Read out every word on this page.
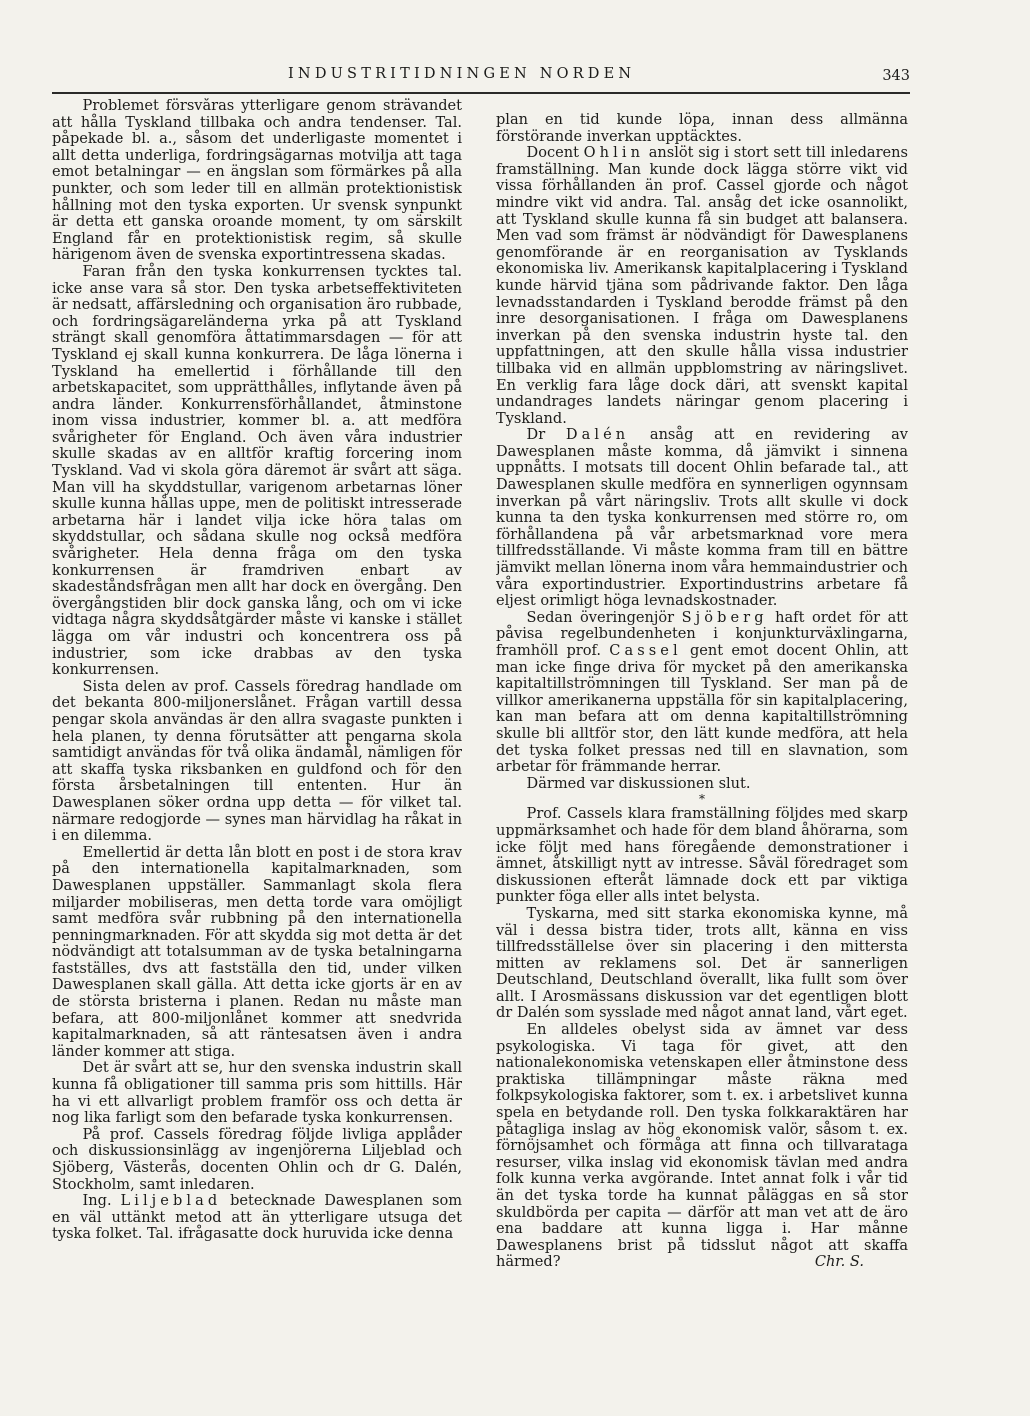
INDUSTRITIDNINGEN NORDEN	343

Problemet försvåras ytterligare genom strävandet att hålla Tyskland tillbaka och andra tendenser. Tal. påpekade bl. a., såsom det underligaste momentet i allt detta underliga, fordringsägarnas motvilja att taga emot betalningar — en ängslan som förmärkes på alla punkter, och som leder till en allmän protektionistisk hållning mot den tyska exporten. Ur svensk synpunkt är detta ett ganska oroande moment, ty om särskilt England får en protektionistisk regim, så skulle härigenom även de svenska exportintressena skadas.

Faran från den tyska konkurrensen tycktes tal. icke anse vara så stor. Den tyska arbetseffektiviteten är nedsatt, affärsledning och organisation äro rubbade, och fordringsägareländerna yrka på att Tyskland strängt skall genomföra åttatimmarsdagen — för att Tyskland ej skall kunna konkurrera. De låga lönerna i Tyskland ha emellertid i förhållande till den arbetskapacitet, som upprätthålles, inflytande även på andra länder. Konkurrensförhållandet, åtminstone inom vissa industrier, kommer bl. a. att medföra svårigheter för England. Och även våra industrier skulle skadas av en alltför kraftig forcering inom Tyskland. Vad vi skola göra däremot är svårt att säga. Man vill ha skyddstullar, varigenom arbetarnas löner skulle kunna hållas uppe, men de politiskt intresserade arbetarna här i landet vilja icke höra talas om skyddstullar, och sådana skulle nog också medföra svårigheter. Hela denna fråga om den tyska konkurrensen är framdriven enbart av skadeståndsfrågan men allt har dock en övergång. Den övergångstiden blir dock ganska lång, och om vi icke vidtaga några skyddsåtgärder måste vi kanske i stället lägga om vår industri och koncentrera oss på industrier, som icke drabbas av den tyska konkurrensen.

Sista delen av prof. Cassels föredrag handlade om det bekanta 800-miljonerslånet. Frågan vartill dessa pengar skola användas är den allra svagaste punkten i hela planen, ty denna förutsätter att pengarna skola samtidigt användas för två olika ändamål, nämligen för att skaffa tyska riksbanken en guldfond och för den första årsbetalningen till ententen. Hur än Dawesplanen söker ordna upp detta — för vilket tal. närmare redogjorde — synes man härvidlag ha råkat in i en dilemma.

Emellertid är detta lån blott en post i de stora krav på den internationella kapitalmarknaden, som Dawesplanen uppställer. Sammanlagt skola flera miljarder mobiliseras, men detta torde vara omöjligt samt medföra svår rubbning på den internationella penningmarknaden. För att skydda sig mot detta är det nödvändigt att totalsumman av de tyska betalningarna fastställes, dvs att fastställa den tid, under vilken Dawesplanen skall gälla. Att detta icke gjorts är en av de största bristerna i planen. Redan nu måste man befara, att 800-miljonlånet kommer att snedvrida kapitalmarknaden, så att räntesatsen även i andra länder kommer att stiga.

Det är svårt att se, hur den svenska industrin skall kunna få obligationer till samma pris som hittills. Här ha vi ett allvarligt problem framför oss och detta är nog lika farligt som den befarade tyska konkurrensen.

På prof. Cassels föredrag följde livliga applåder och diskussionsinlägg av ingenjörerna Liljeblad och Sjöberg, Västerås, docenten Ohlin och dr G. Dalén, Stockholm, samt inledaren.

Ing. Liljeblad betecknade Dawesplanen som en väl uttänkt metod att än ytterligare utsuga det tyska folket. Tal. ifrågasatte dock huruvida icke denna

plan en tid kunde löpa, innan dess allmänna förstörande inverkan upptäcktes.

Docent Ohlin anslöt sig i stort sett till inledarens framställning. Man kunde dock lägga större vikt vid vissa förhållanden än prof. Cassel gjorde och något mindre vikt vid andra. Tal. ansåg det icke osannolikt, att Tyskland skulle kunna få sin budget att balansera. Men vad som främst är nödvändigt för Dawesplanens genomförande är en reorganisation av Tysklands ekonomiska liv. Amerikansk kapitalplacering i Tyskland kunde härvid tjäna som pådrivande faktor. Den låga levnadsstandarden i Tyskland berodde främst på den inre desorganisationen. I fråga om Dawesplanens inverkan på den svenska industrin hyste tal. den uppfattningen, att den skulle hålla vissa industrier tillbaka vid en allmän uppblomstring av näringslivet. En verklig fara låge dock däri, att svenskt kapital undandrages landets näringar genom placering i Tyskland.

Dr Dalén ansåg att en revidering av Dawesplanen måste komma, då jämvikt i sinnena uppnåtts. I motsats till docent Ohlin befarade tal., att Dawesplanen skulle medföra en synnerligen ogynnsam inverkan på vårt näringsliv. Trots allt skulle vi dock kunna ta den tyska konkurrensen med större ro, om förhållandena på vår arbetsmarknad vore mera tillfredsställande. Vi måste komma fram till en bättre jämvikt mellan lönerna inom våra hemmaindustrier och våra exportindustrier. Exportindustrins arbetare få eljest orimligt höga levnadskostnader.

Sedan överingenjör Sjöberg haft ordet för att påvisa regelbundenheten i konjunkturväxlingarna, framhöll prof. Cassel gent emot docent Ohlin, att man icke finge driva för mycket på den amerikanska kapitaltillströmningen till Tyskland. Ser man på de villkor amerikanerna uppställa för sin kapitalplacering, kan man befara att om denna kapitaltillströmning skulle bli alltför stor, den lätt kunde medföra, att hela det tyska folket pressas ned till en slavnation, som arbetar för främmande herrar.

Därmed var diskussionen slut.

*

Prof. Cassels klara framställning följdes med skarp uppmärksamhet och hade för dem bland åhörarna, som icke följt med hans föregående demonstrationer i ämnet, åtskilligt nytt av intresse. Såväl föredraget som diskussionen efteråt lämnade dock ett par viktiga punkter föga eller alls intet belysta.

Tyskarna, med sitt starka ekonomiska kynne, må väl i dessa bistra tider, trots allt, känna en viss tillfredsställelse över sin placering i den mittersta mitten av reklamens sol. Det är sannerligen Deutschland, Deutschland överallt, lika fullt som över allt. I Arosmässans diskussion var det egentligen blott dr Dalén som sysslade med något annat land, vårt eget.

En alldeles obelyst sida av ämnet var dess psykologiska. Vi taga för givet, att den nationalekonomiska vetenskapen eller åtminstone dess praktiska tillämpningar måste räkna med folkpsykologiska faktorer, som t. ex. i arbetslivet kunna spela en betydande roll. Den tyska folkkaraktären har påtagliga inslag av hög ekonomisk valör, såsom t. ex. förnöjsamhet och förmåga att finna och tillvarataga resurser, vilka inslag vid ekonomisk tävlan med andra folk kunna verka avgörande. Intet annat folk i vår tid än det tyska torde ha kunnat påläggas en så stor skuldbörda per capita — därför att man vet att de äro ena baddare att kunna ligga i. Har månne Dawesplanens brist på tidsslut något att skaffa härmed?	Chr. S.
